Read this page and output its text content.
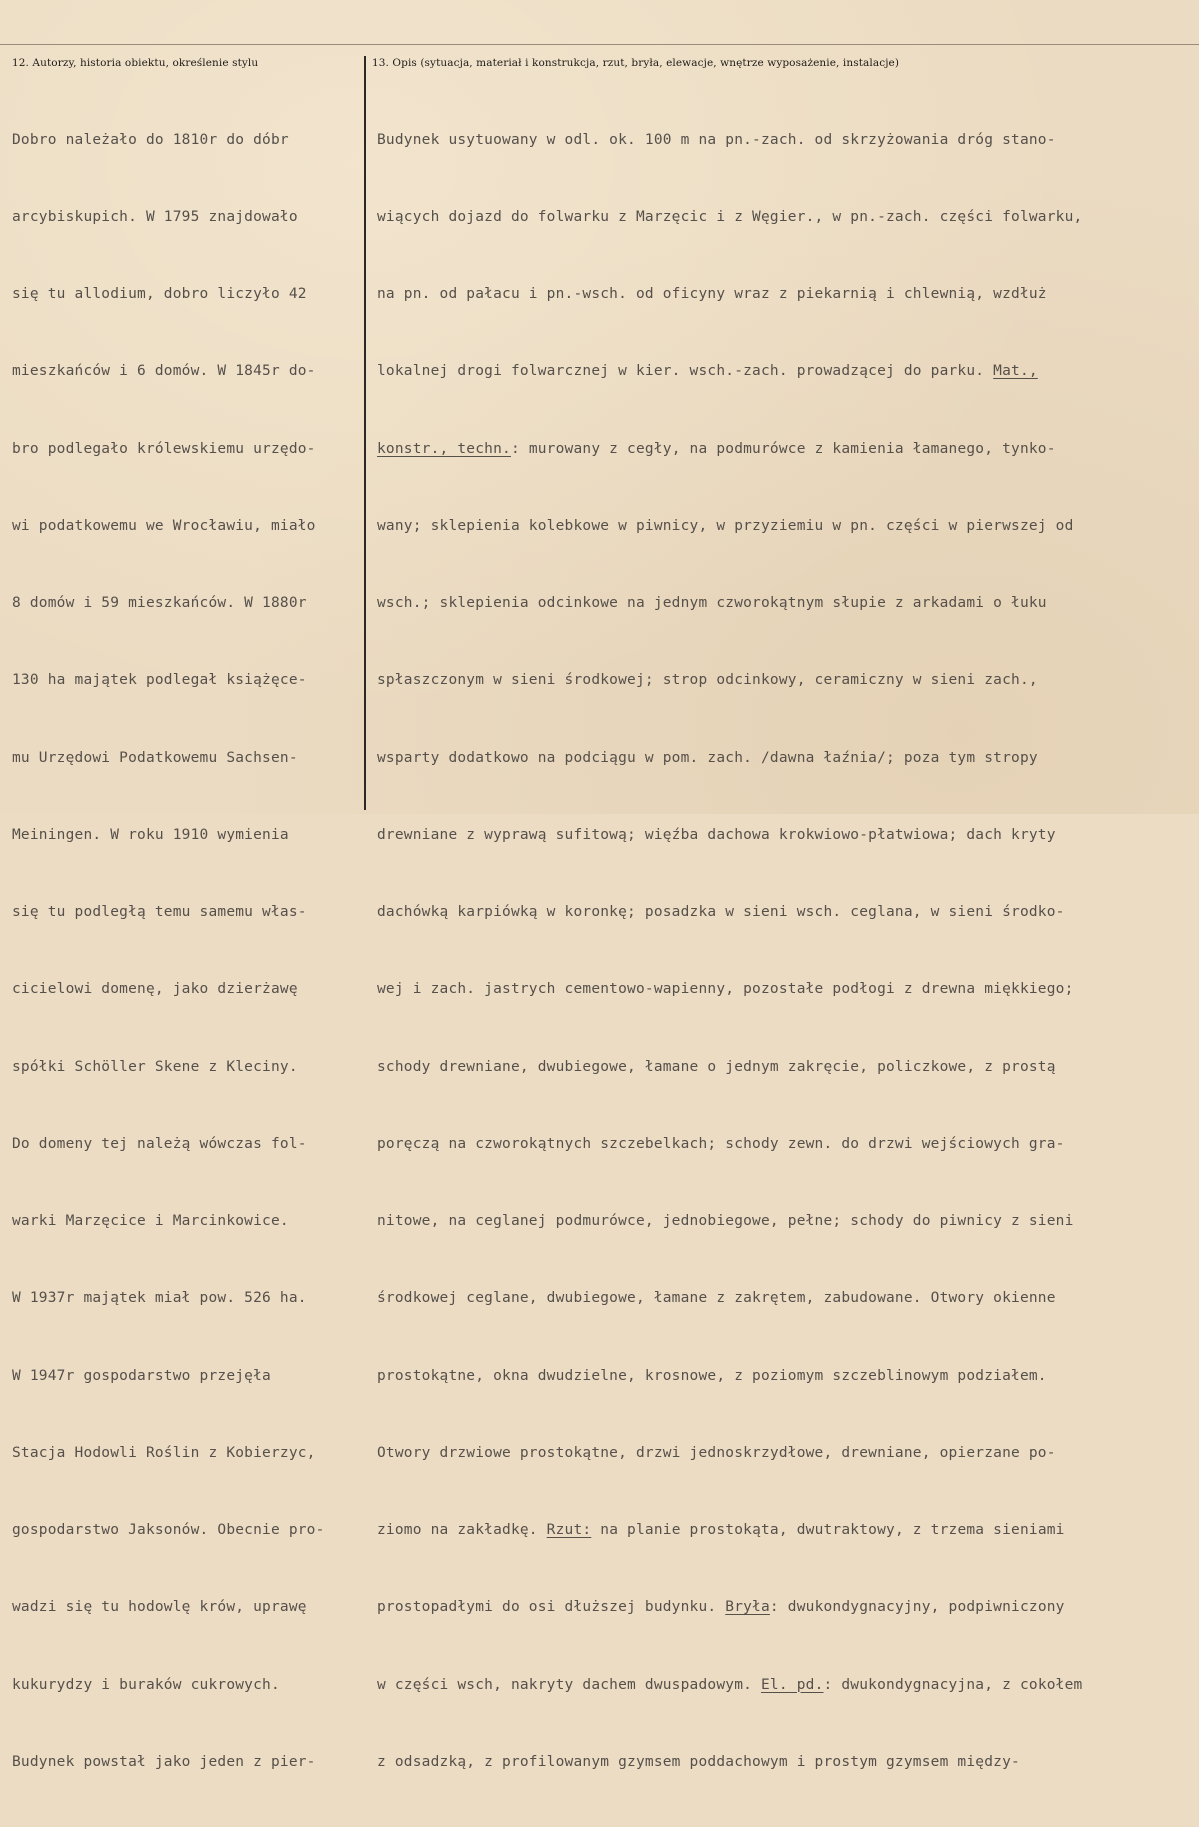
12. Autorzy, historia obiektu, określenie stylu	13. Opis (sytuacja, materiał i konstrukcja, rzut, bryła, elewacje, wnętrze wyposażenie, instalacje)

Dobro należało do 1810r do dóbr

arcybiskupich. W 1795 znajdowało

się tu allodium, dobro liczyło 42

mieszkańców i 6 domów. W 1845r do-

bro podlegało królewskiemu urzędo-

wi podatkowemu we Wrocławiu, miało

8 domów i 59 mieszkańców. W 1880r

130 ha majątek podlegał książęce-

mu Urzędowi Podatkowemu Sachsen-

Meiningen. W roku 1910 wymienia

się tu podległą temu samemu włas-

cicielowi domenę, jako dzierżawę

spółki Schöller Skene z Kleciny.

Do domeny tej należą wówczas fol-

warki Marzęcice i Marcinkowice.

W 1937r majątek miał pow. 526 ha.

W 1947r gospodarstwo przejęła

Stacja Hodowli Roślin z Kobierzyc,

gospodarstwo Jaksonów. Obecnie pro-

wadzi się tu hodowlę krów, uprawę

kukurydzy i buraków cukrowych.

Budynek powstał jako jeden z pier-

Budynek usytuowany w odl. ok. 100 m na pn.-zach. od skrzyżowania dróg stano-

wiących dojazd do folwarku z Marzęcic i z Węgier., w pn.-zach. części folwarku,

na pn. od pałacu i pn.-wsch. od oficyny wraz z piekarnią i chlewnią, wzdłuż

lokalnej drogi folwarcznej w kier. wsch.-zach. prowadzącej do parku. Mat.,

konstr., techn.: murowany z cegły, na podmurówce z kamienia łamanego, tynko-

wany; sklepienia kolebkowe w piwnicy, w przyziemiu w pn. części w pierwszej od

wsch.; sklepienia odcinkowe na jednym czworokątnym słupie z arkadami o łuku

spłaszczonym w sieni środkowej; strop odcinkowy, ceramiczny w sieni zach.,

wsparty dodatkowo na podciągu w pom. zach. /dawna łaźnia/; poza tym stropy

drewniane z wyprawą sufitową; więźba dachowa krokwiowo-płatwiowa; dach kryty

dachówką karpiówką w koronkę; posadzka w sieni wsch. ceglana, w sieni środko-

wej i zach. jastrych cementowo-wapienny, pozostałe podłogi z drewna miękkiego;

schody drewniane, dwubiegowe, łamane o jednym zakręcie, policzkowe, z prostą

poręczą na czworokątnych szczebelkach; schody zewn. do drzwi wejściowych gra-

nitowe, na ceglanej podmurówce, jednobiegowe, pełne; schody do piwnicy z sieni

środkowej ceglane, dwubiegowe, łamane z zakrętem, zabudowane. Otwory okienne

prostokątne, okna dwudzielne, krosnowe, z poziomym szczeblinowym podziałem.

Otwory drzwiowe prostokątne, drzwi jednoskrzydłowe, drewniane, opierzane po-

ziomo na zakładkę. Rzut: na planie prostokąta, dwutraktowy, z trzema sieniami

prostopadłymi do osi dłuższej budynku. Bryła: dwukondygnacyjny, podpiwniczony

w części wsch, nakryty dachem dwuspadowym. El. pd.: dwukondygnacyjna, z cokołem

z odsadzką, z profilowanym gzymsem poddachowym i prostym gzymsem między-
